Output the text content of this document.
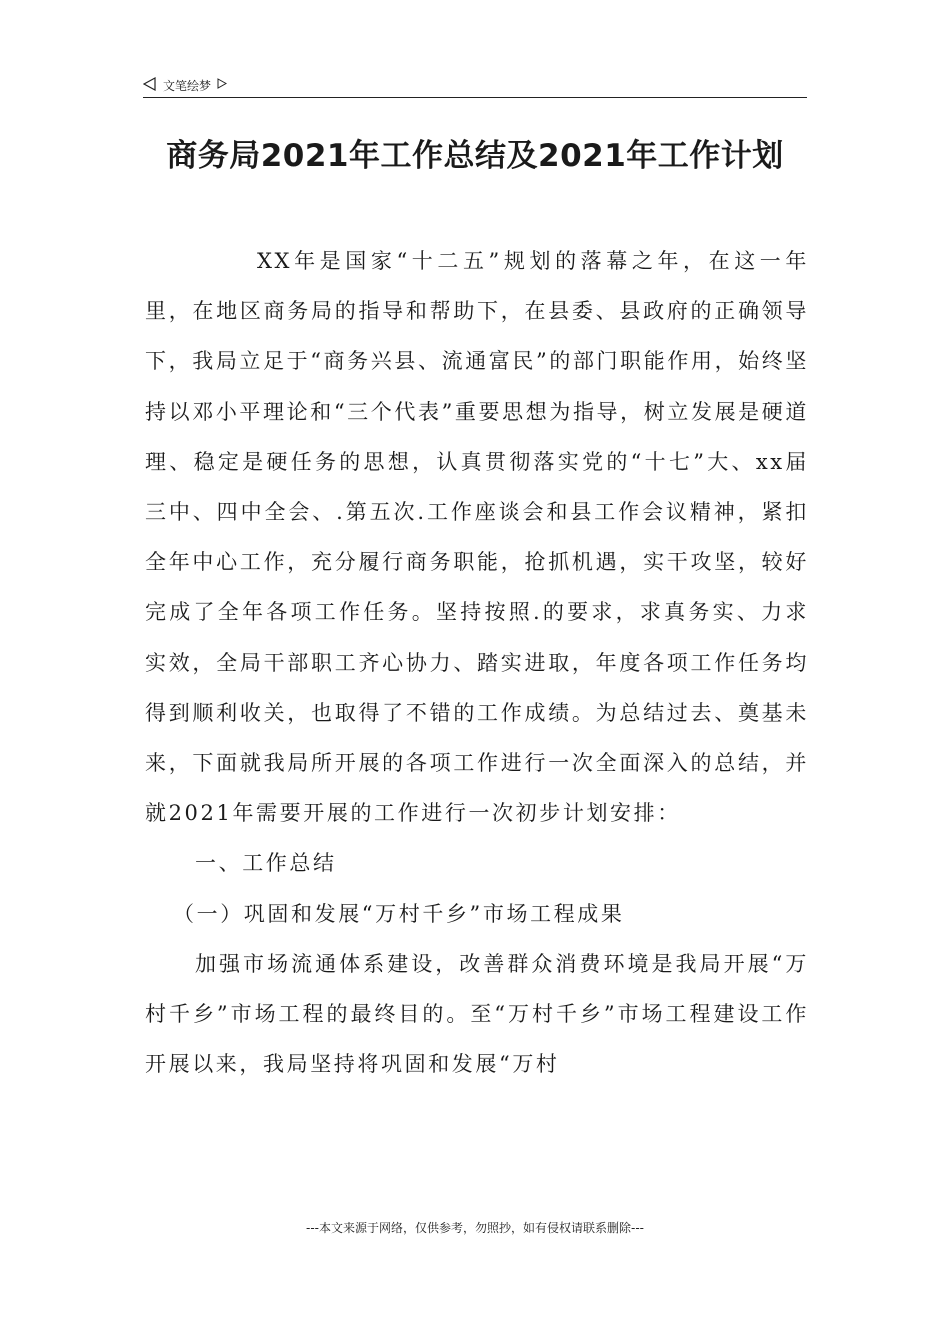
文笔绘梦
商务局2021年工作总结及2021年工作计划

XX年是国家“十二五”规划的落幕之年，在这一年里，在地区商务局的指导和帮助下，在县委、县政府的正确领导下，我局立足于“商务兴县、流通富民”的部门职能作用，始终坚持以邓小平理论和“三个代表”重要思想为指导，树立发展是硬道理、稳定是硬任务的思想，认真贯彻落实党的“十七”大、xx届三中、四中全会、.第五次.工作座谈会和县工作会议精神，紧扣全年中心工作，充分履行商务职能，抢抓机遇，实干攻坚，较好完成了全年各项工作任务。坚持按照.的要求，求真务实、力求实效，全局干部职工齐心协力、踏实进取，年度各项工作任务均得到顺利收关，也取得了不错的工作成绩。为总结过去、奠基未来，下面就我局所开展的各项工作进行一次全面深入的总结，并就2021年需要开展的工作进行一次初步计划安排：

一、工作总结

（一）巩固和发展“万村千乡”市场工程成果

加强市场流通体系建设，改善群众消费环境是我局开展“万村千乡”市场工程的最终目的。至“万村千乡”市场工程建设工作开展以来，我局坚持将巩固和发展“万村

---本文来源于网络，仅供参考，勿照抄，如有侵权请联系删除---
